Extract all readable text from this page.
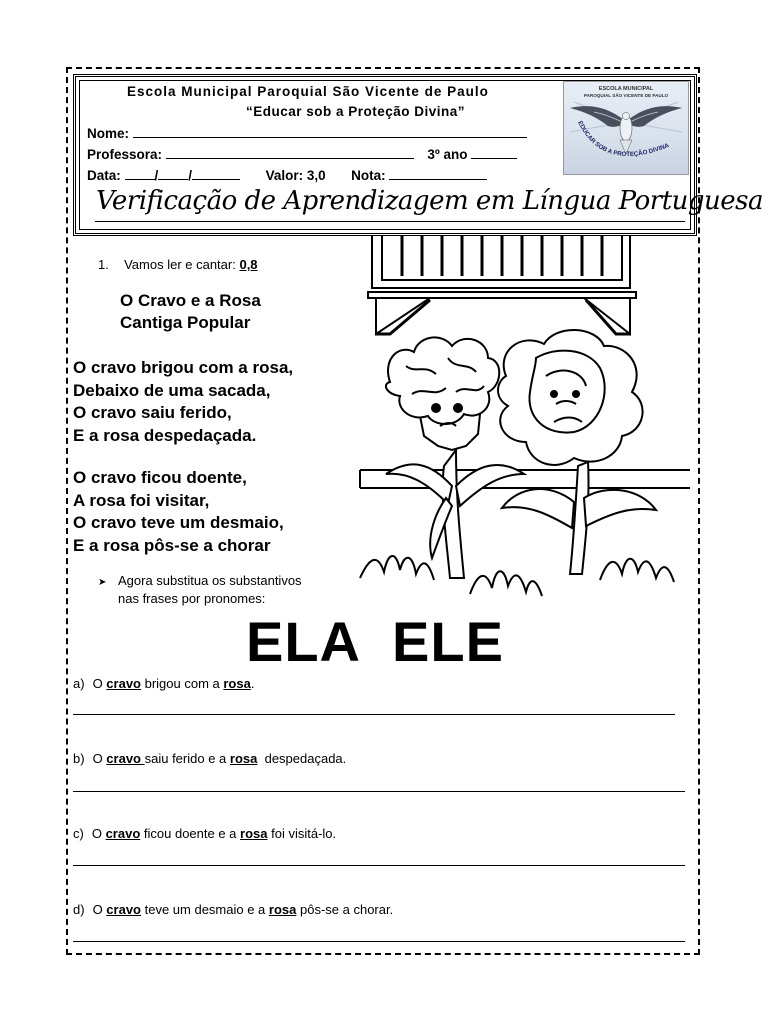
Escola Municipal Paroquial São Vicente de Paulo
“Educar sob a Proteção Divina”
Nome:
Professora:	3º ano
Data:	/ /	Valor: 3,0 Nota:
ESCOLA MUNICIPAL
PAROQUIAL SÃO VICENTE DE PAULO
EDUCAR SOB A PROTEÇÃO DIVINA
Verificação de Aprendizagem em Língua Portuguesa
1. Vamos ler e cantar: 0,8
O Cravo e a Rosa
Cantiga Popular
O cravo brigou com a rosa,
Debaixo de uma sacada,
O cravo saiu ferido,
E a rosa despedaçada.
O cravo ficou doente,
A rosa foi visitar,
O cravo teve um desmaio,
E a rosa pôs-se a chorar
➤ Agora substitua os substantivos
nas frases por pronomes:
ELA  ELE
a) O cravo brigou com a rosa.
b) O cravo saiu ferido e a rosa  despedaçada.
c) O cravo ficou doente e a rosa foi visitá-lo.
d) O cravo teve um desmaio e a rosa pôs-se a chorar.
